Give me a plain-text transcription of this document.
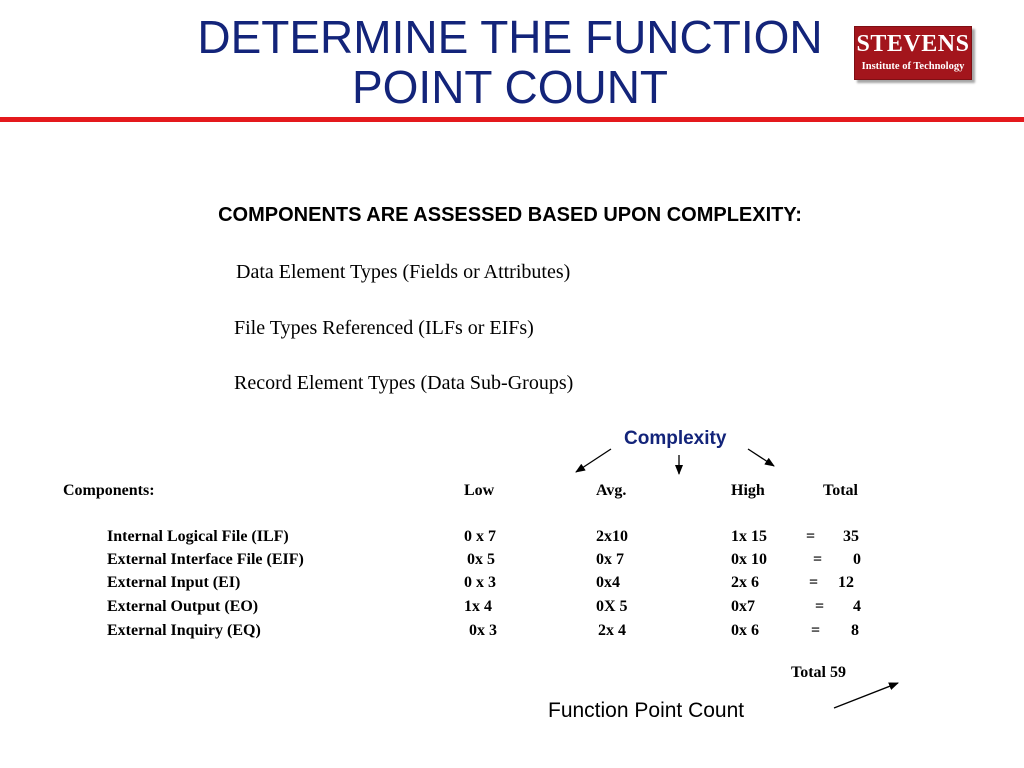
DETERMINE THE FUNCTION
POINT COUNT
STEVENS
Institute of Technology
COMPONENTS ARE ASSESSED BASED UPON COMPLEXITY:
Data Element Types (Fields or Attributes)
File Types Referenced (ILFs or EIFs)
Record Element Types (Data Sub-Groups)
Complexity
Components:	Low	Avg.	High	Total
Internal Logical File (ILF)	0 x 7	2x10	1x 15 = 35
External Interface File (EIF)	0x 5	0x 7	0x 10	= 0
External Input (EI)	0 x 3	0x4	2x 6	= 12
External Output (EO)	1x 4	0X 5	0x7	= 4
External Inquiry (EQ)	0x 3	2x 4	0x 6	= 8
Total 59
Function Point Count
